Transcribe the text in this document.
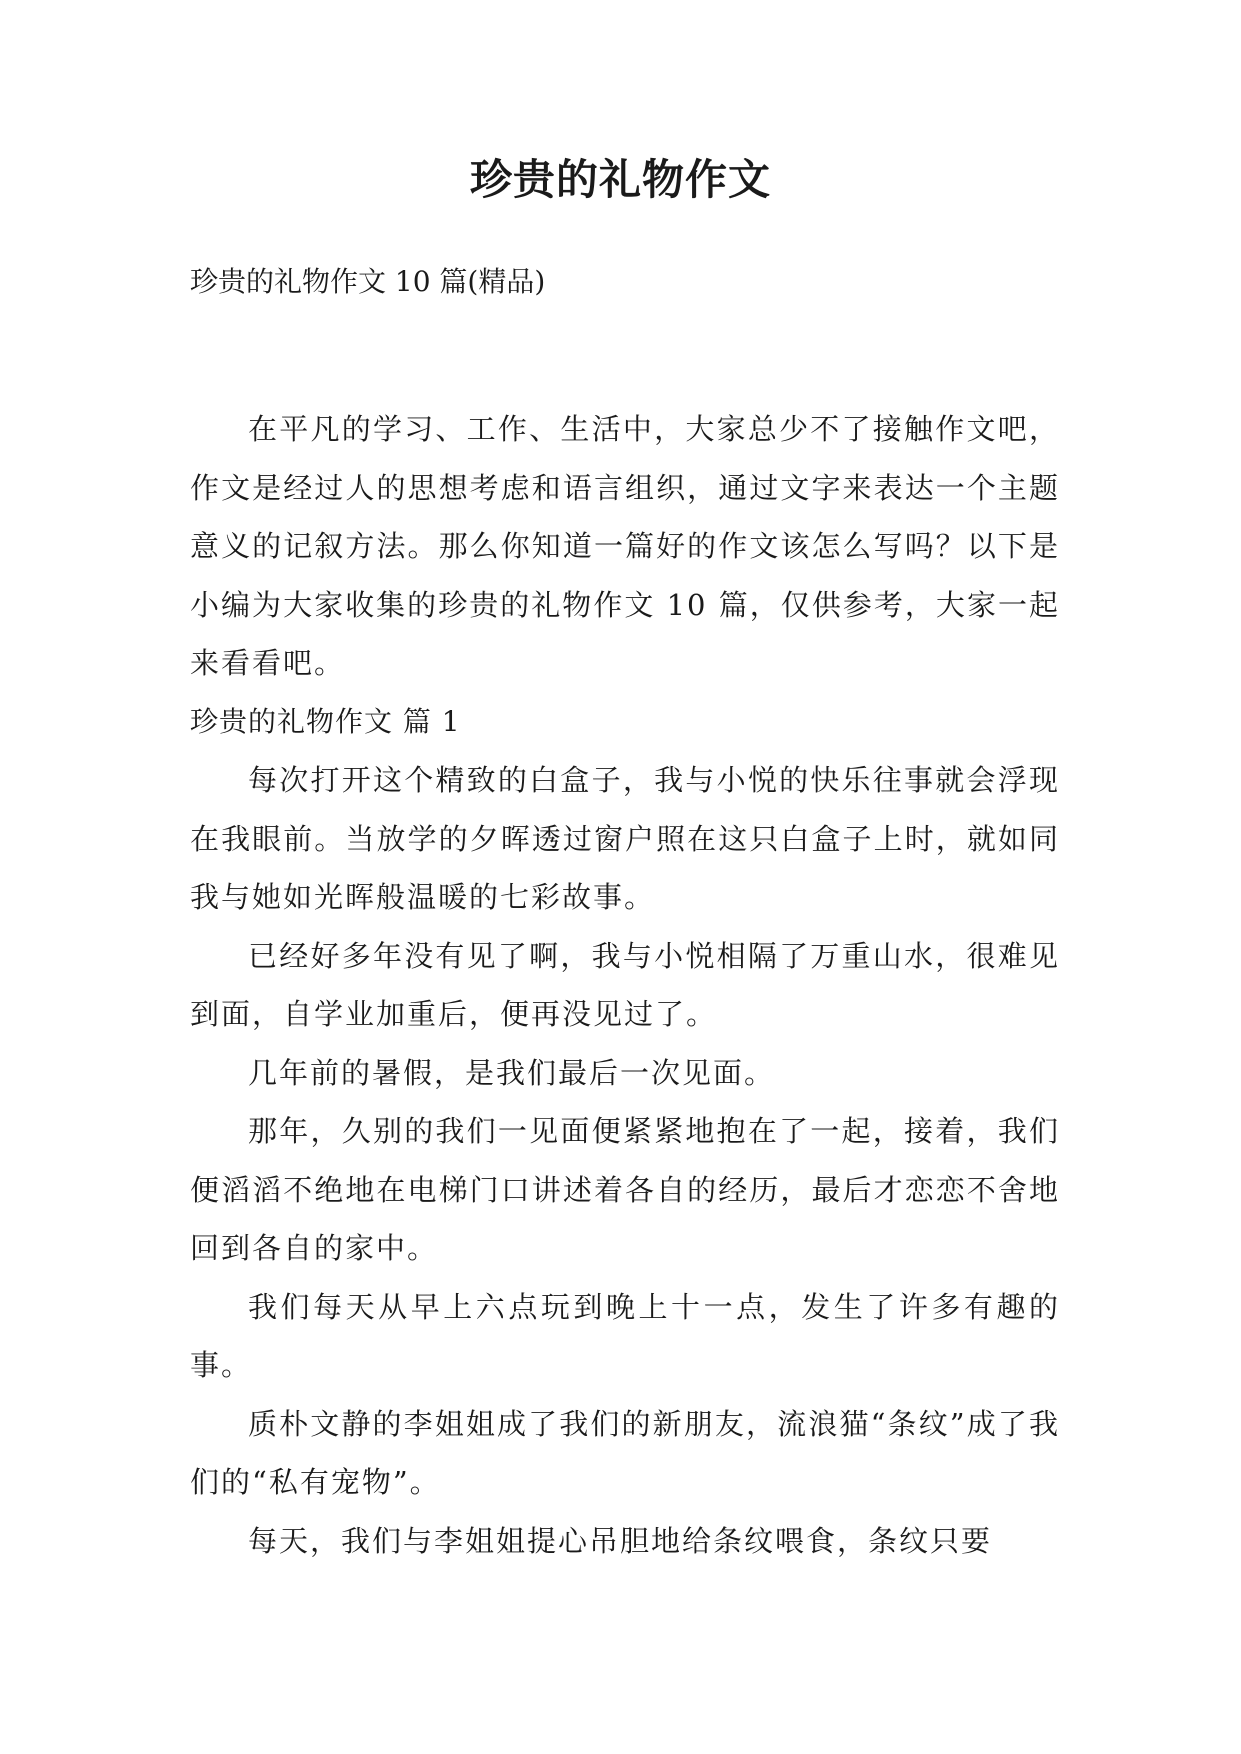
珍贵的礼物作文

珍贵的礼物作文 10 篇(精品)

在平凡的学习、工作、生活中，大家总少不了接触作文吧，作文是经过人的思想考虑和语言组织，通过文字来表达一个主题意义的记叙方法。那么你知道一篇好的作文该怎么写吗？以下是小编为大家收集的珍贵的礼物作文 10 篇，仅供参考，大家一起来看看吧。

珍贵的礼物作文 篇 1

每次打开这个精致的白盒子，我与小悦的快乐往事就会浮现在我眼前。当放学的夕晖透过窗户照在这只白盒子上时，就如同我与她如光晖般温暖的七彩故事。

已经好多年没有见了啊，我与小悦相隔了万重山水，很难见到面，自学业加重后，便再没见过了。

几年前的暑假，是我们最后一次见面。

那年，久别的我们一见面便紧紧地抱在了一起，接着，我们便滔滔不绝地在电梯门口讲述着各自的经历，最后才恋恋不舍地回到各自的家中。

我们每天从早上六点玩到晚上十一点，发生了许多有趣的事。

质朴文静的李姐姐成了我们的新朋友，流浪猫“条纹”成了我们的“私有宠物”。

每天，我们与李姐姐提心吊胆地给条纹喂食，条纹只要
